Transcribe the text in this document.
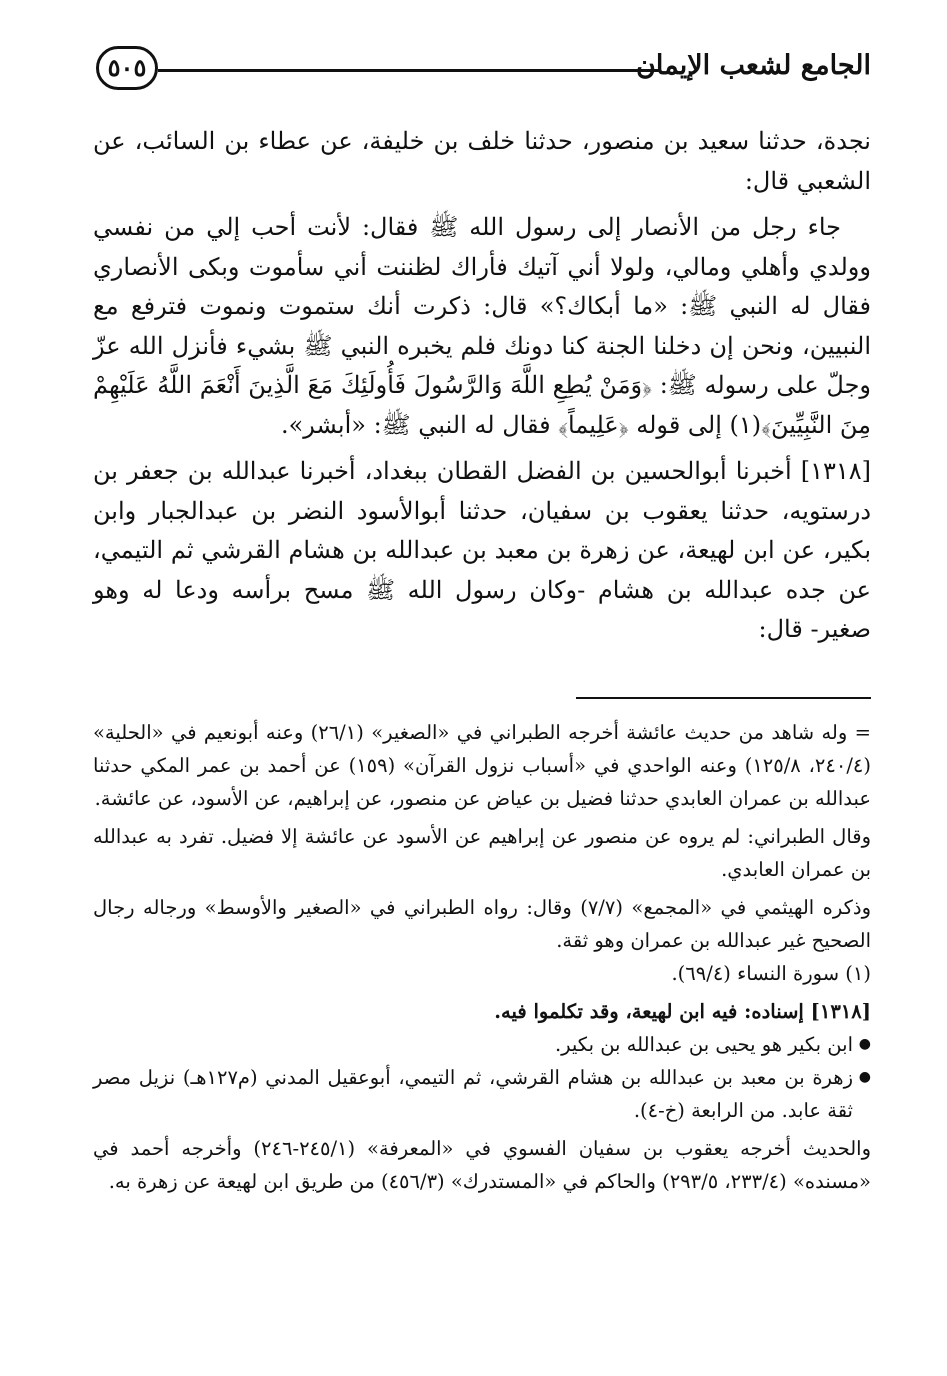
الجامع لشعب الإيمان
٥٠٥

نجدة، حدثنا سعيد بن منصور، حدثنا خلف بن خليفة، عن عطاء بن السائب، عن الشعبي قال:

جاء رجل من الأنصار إلى رسول الله ﷺ فقال: لأنت أحب إلي من نفسي وولدي وأهلي ومالي، ولولا أني آتيك فأراك لظننت أني سأموت وبكى الأنصاري فقال له النبي ﷺ: «ما أبكاك؟» قال: ذكرت أنك ستموت ونموت فترفع مع النبيين، ونحن إن دخلنا الجنة كنا دونك فلم يخبره النبي ﷺ بشيء فأنزل الله عزّ وجلّ على رسوله ﷺ: ﴿وَمَنْ يُطِعِ اللَّهَ وَالرَّسُولَ فَأُولَئِكَ مَعَ الَّذِينَ أَنْعَمَ اللَّهُ عَلَيْهِمْ مِنَ النَّبِيِّينَ﴾(١) إلى قوله ﴿عَلِيماً﴾ فقال له النبي ﷺ: «أبشر».

[١٣١٨] أخبرنا أبوالحسين بن الفضل القطان ببغداد، أخبرنا عبدالله بن جعفر بن درستويه، حدثنا يعقوب بن سفيان، حدثنا أبوالأسود النضر بن عبدالجبار وابن بكير، عن ابن لهيعة، عن زهرة بن معبد بن عبدالله بن هشام القرشي ثم التيمي، عن جده عبدالله بن هشام -وكان رسول الله ﷺ مسح برأسه ودعا له وهو صغير- قال:

= وله شاهد من حديث عائشة أخرجه الطبراني في «الصغير» (٢٦/١) وعنه أبونعيم في «الحلية» (٢٤٠/٤، ١٢٥/٨) وعنه الواحدي في «أسباب نزول القرآن» (١٥٩) عن أحمد بن عمر المكي حدثنا عبدالله بن عمران العابدي حدثنا فضيل بن عياض عن منصور، عن إبراهيم، عن الأسود، عن عائشة.

وقال الطبراني: لم يروه عن منصور عن إبراهيم عن الأسود عن عائشة إلا فضيل. تفرد به عبدالله بن عمران العابدي.

وذكره الهيثمي في «المجمع» (٧/٧) وقال: رواه الطبراني في «الصغير والأوسط» ورجاله رجال الصحيح غير عبدالله بن عمران وهو ثقة.

(١) سورة النساء (٦٩/٤).

[١٣١٨] إسناده: فيه ابن لهيعة، وقد تكلموا فيه.

●
ابن بكير هو يحيى بن عبدالله بن بكير.
●
زهرة بن معبد بن عبدالله بن هشام القرشي، ثم التيمي، أبوعقيل المدني (م١٢٧هـ) نزيل مصر ثقة عابد. من الرابعة (خ-٤).

والحديث أخرجه يعقوب بن سفيان الفسوي في «المعرفة» (٢٤٥/١-٢٤٦) وأخرجه أحمد في «مسنده» (٢٣٣/٤، ٢٩٣/٥) والحاكم في «المستدرك» (٤٥٦/٣) من طريق ابن لهيعة عن زهرة به.
